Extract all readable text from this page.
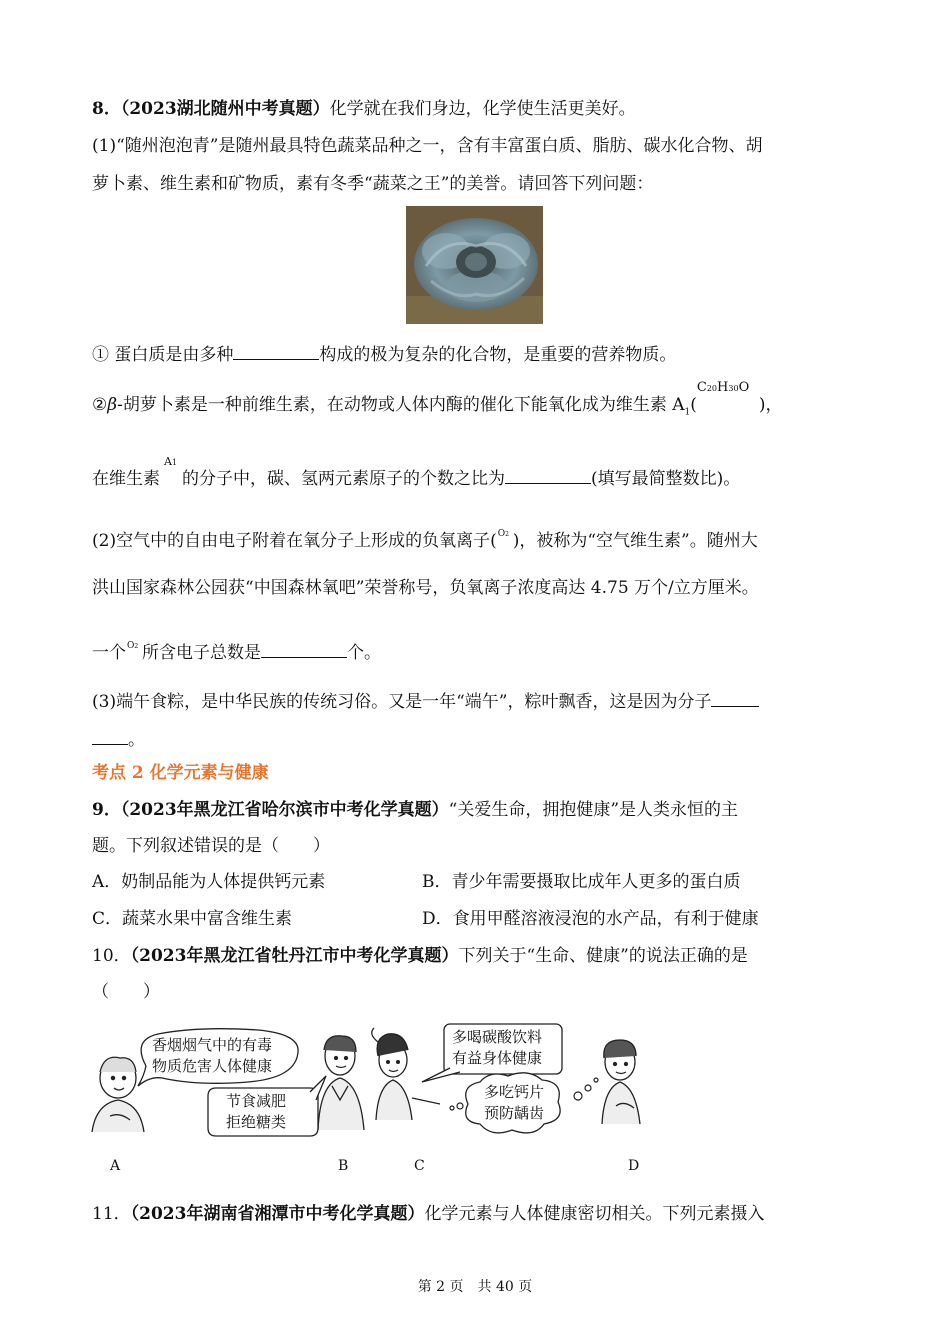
8．（2023湖北随州中考真题）化学就在我们身边，化学使生活更美好。
(1)“随州泡泡青”是随州最具特色蔬菜品种之一，含有丰富蛋白质、脂肪、碳水化合物、胡
萝卜素、维生素和矿物质，素有冬季“蔬菜之王”的美誉。请回答下列问题：
① 蛋白质是由多种	构成的极为复杂的化合物，是重要的营养物质。
②β-胡萝卜素是一种前维生素，在动物或人体内酶的催化下能氧化成为维生素 $A_1$(
C20H30O
)，
在维生素
A1
的分子中，碳、氢两元素原子的个数之比为	(填写最简整数比)。
(2)空气中的自由电子附着在氧分子上形成的负氧离子( O2 )，被称为“空气维生素”。随州大
洪山国家森林公园获“中国森林氧吧”荣誉称号，负氧离子浓度高达 4.75 万个/立方厘米。
一个 O2 所含电子总数是	个。
(3)端午食粽，是中华民族的传统习俗。又是一年“端午”，粽叶飘香，这是因为分子
。
考点 2 化学元素与健康
9．（2023年黑龙江省哈尔滨市中考化学真题）“关爱生命，拥抱健康”是人类永恒的主
题。下列叙述错误的是（　　）
A．奶制品能为人体提供钙元素	B．青少年需要摄取比成年人更多的蛋白质
C．蔬菜水果中富含维生素	D．食用甲醛溶液浸泡的水产品，有利于健康
10．（2023年黑龙江省牡丹江市中考化学真题）下列关于“生命、健康”的说法正确的是
（　　）
香烟烟气中的有毒
物质危害人体健康
节食减肥
拒绝糖类
多喝碳酸饮料
有益身体健康
多吃钙片
预防龋齿
A	B	C	D
11．（2023年湖南省湘潭市中考化学真题）化学元素与人体健康密切相关。下列元素摄入
第 2 页　共 40 页
